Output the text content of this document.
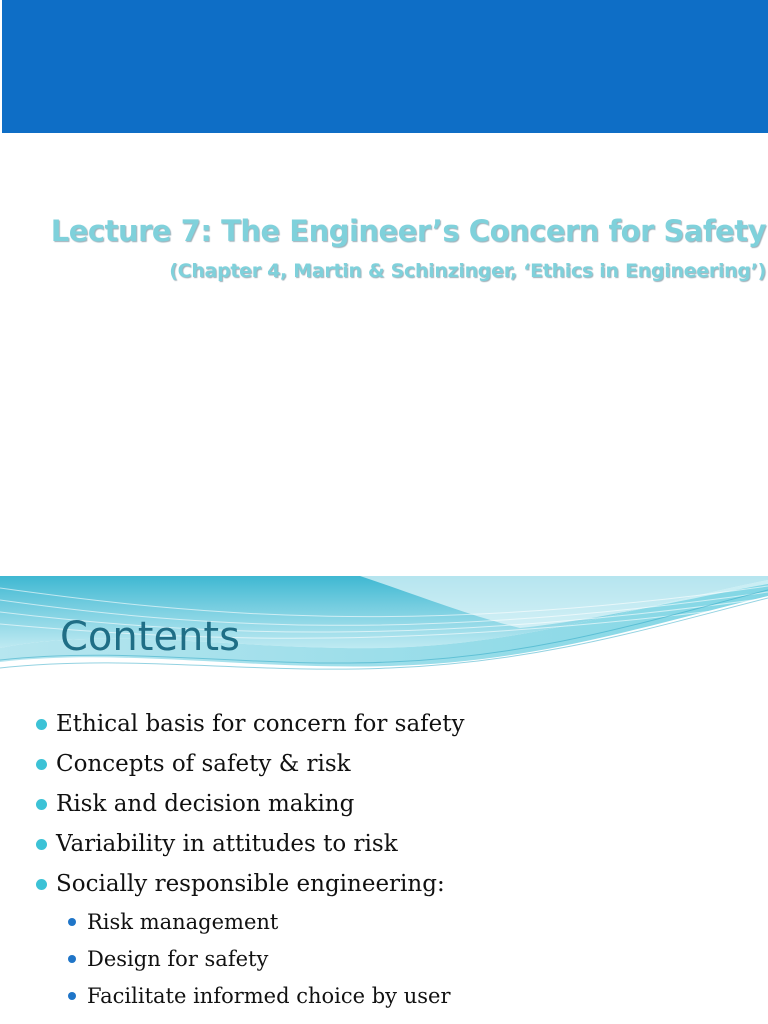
Lecture 7: The Engineer’s Concern for Safety
(Chapter 4, Martin & Schinzinger, ‘Ethics in Engineering’)
Contents
Ethical basis for concern for safety
Concepts of safety & risk
Risk and decision making
Variability in attitudes to risk
Socially responsible engineering:
Risk management
Design for safety
Facilitate informed choice by user
